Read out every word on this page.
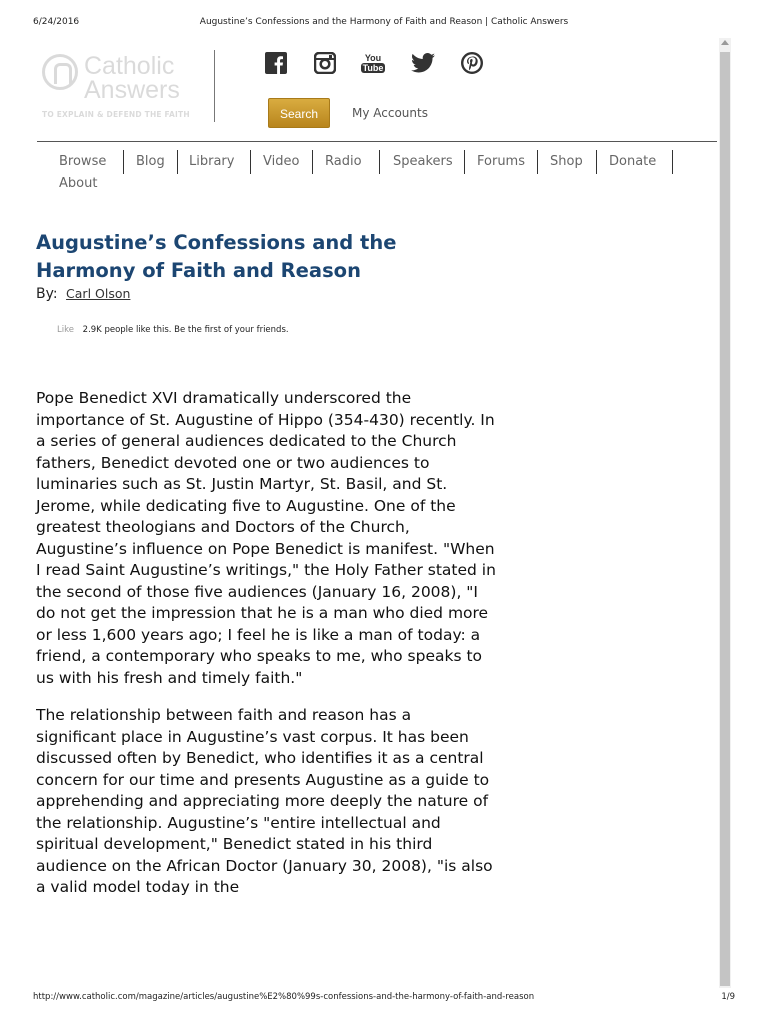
6/24/2016	Augustine’s Confessions and the Harmony of Faith and Reason | Catholic Answers
Catholic
Answers
TO EXPLAIN & DEFEND THE FAITH
You
Tube
Search	My Accounts
Browse	Blog	Library	Video	Radio	Speakers	Forums	Shop	Donate
About
Augustine’s Confessions and the
Harmony of Faith and Reason
By: Carl Olson
Like 2.9K people like this. Be the first of your friends.

Pope Benedict XVI dramatically underscored the importance of St. Augustine of Hippo (354-430) recently. In a series of general audiences dedicated to the Church fathers, Benedict devoted one or two audiences to luminaries such as St. Justin Martyr, St. Basil, and St. Jerome, while dedicating five to Augustine. One of the greatest theologians and Doctors of the Church, Augustine’s influence on Pope Benedict is manifest. "When I read Saint Augustine’s writings," the Holy Father stated in the second of those five audiences (January 16, 2008), "I do not get the impression that he is a man who died more or less 1,600 years ago; I feel he is like a man of today: a friend, a contemporary who speaks to me, who speaks to us with his fresh and timely faith."

The relationship between faith and reason has a significant place in Augustine’s vast corpus. It has been discussed often by Benedict, who identifies it as a central concern for our time and presents Augustine as a guide to apprehending and appreciating more deeply the nature of the relationship. Augustine’s "entire intellectual and spiritual development," Benedict stated in his third audience on the African Doctor (January 30, 2008), "is also a valid model today in the

http://www.catholic.com/magazine/articles/augustine%E2%80%99s-confessions-and-the-harmony-of-faith-and-reason	1/9
